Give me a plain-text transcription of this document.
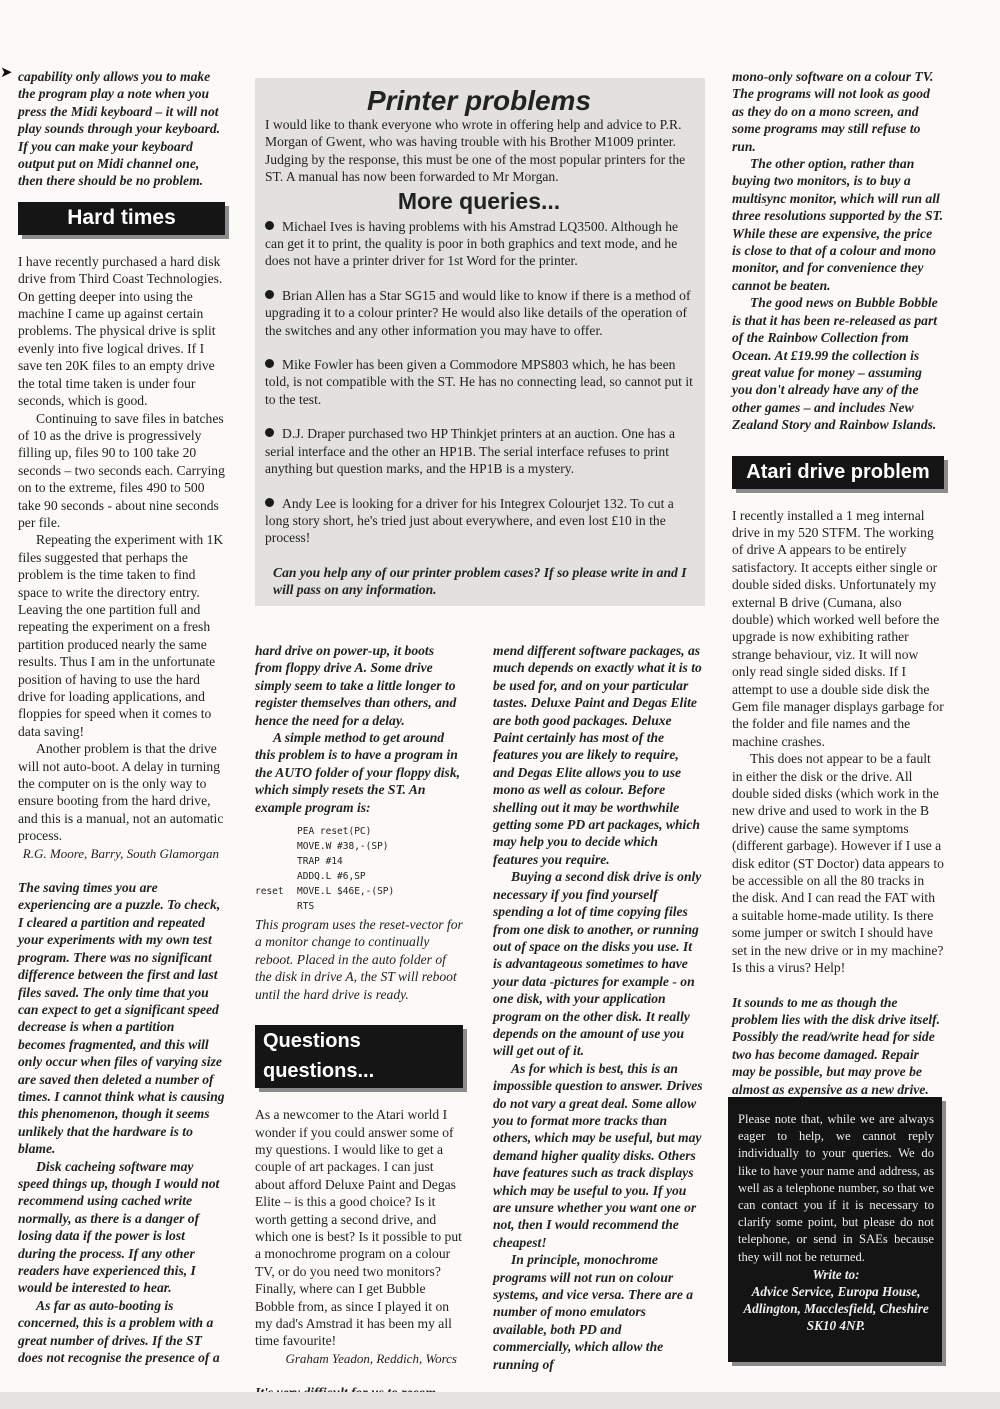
➤ capability only allows you to make the program play a note when you press the Midi keyboard – it will not play sounds through your keyboard. If you can make your keyboard output put on Midi channel one, then there should be no problem.

Hard times

I have recently purchased a hard disk drive from Third Coast Technologies. On getting deeper into using the machine I came up against certain problems. The physical drive is split evenly into five logical drives. If I save ten 20K files to an empty drive the total time taken is under four seconds, which is good.

Continuing to save files in batches of 10 as the drive is progressively filling up, files 90 to 100 take 20 seconds – two seconds each. Carrying on to the extreme, files 490 to 500 take 90 seconds - about nine seconds per file.

Repeating the experiment with 1K files suggested that perhaps the problem is the time taken to find space to write the directory entry. Leaving the one partition full and repeating the experiment on a fresh partition produced nearly the same results. Thus I am in the unfortunate position of having to use the hard drive for loading applications, and floppies for speed when it comes to data saving!

Another problem is that the drive will not auto-boot. A delay in turning the computer on is the only way to ensure booting from the hard drive, and this is a manual, not an automatic process.

R.G. Moore, Barry, South Glamorgan

The saving times you are experiencing are a puzzle. To check, I cleared a partition and repeated your experiments with my own test program. There was no significant difference between the first and last files saved. The only time that you can expect to get a significant speed decrease is when a partition becomes fragmented, and this will only occur when files of varying size are saved then deleted a number of times. I cannot think what is causing this phenomenon, though it seems unlikely that the hardware is to blame.

Disk cacheing software may speed things up, though I would not recommend using cached write normally, as there is a danger of losing data if the power is lost during the process. If any other readers have experienced this, I would be interested to hear.

As far as auto-booting is concerned, this is a problem with a great number of drives. If the ST does not recognise the presence of a

Printer problems

I would like to thank everyone who wrote in offering help and advice to P.R. Morgan of Gwent, who was having trouble with his Brother M1009 printer. Judging by the response, this must be one of the most popular printers for the ST. A manual has now been forwarded to Mr Morgan.

More queries...

Michael Ives is having problems with his Amstrad LQ3500. Although he can get it to print, the quality is poor in both graphics and text mode, and he does not have a printer driver for 1st Word for the printer.

Brian Allen has a Star SG15 and would like to know if there is a method of upgrading it to a colour printer? He would also like details of the operation of the switches and any other information you may have to offer.

Mike Fowler has been given a Commodore MPS803 which, he has been told, is not compatible with the ST. He has no connecting lead, so cannot put it to the test.

D.J. Draper purchased two HP Thinkjet printers at an auction. One has a serial interface and the other an HP1B. The serial interface refuses to print anything but question marks, and the HP1B is a mystery.

Andy Lee is looking for a driver for his Integrex Colourjet 132. To cut a long story short, he's tried just about everywhere, and even lost £10 in the process!

Can you help any of our printer problem cases? If so please write in and I will pass on any information.

hard drive on power-up, it boots from floppy drive A. Some drive simply seem to take a little longer to register themselves than others, and hence the need for a delay.

A simple method to get around this problem is to have a program in the AUTO folder of your floppy disk, which simply resets the ST. An example program is:

PEA reset(PC)
MOVE.W #38,-(SP)
TRAP #14
ADDQ.L #6,SP
reset	MOVE.L $46E,-(SP)
RTS

This program uses the reset-vector for a monitor change to continually reboot. Placed in the auto folder of the disk in drive A, the ST will reboot until the hard drive is ready.

Questions questions...

As a newcomer to the Atari world I wonder if you could answer some of my questions. I would like to get a couple of art packages. I can just about afford Deluxe Paint and Degas Elite – is this a good choice? Is it worth getting a second drive, and which one is best? Is it possible to put a monochrome program on a colour TV, or do you need two monitors? Finally, where can I get Bubble Bobble from, as since I played it on my dad's Amstrad it has been my all time favourite!

Graham Yeadon, Reddich, Worcs

mend different software packages, as much depends on exactly what it is to be used for, and on your particular tastes. Deluxe Paint and Degas Elite are both good packages. Deluxe Paint certainly has most of the features you are likely to require, and Degas Elite allows you to use mono as well as colour. Before shelling out it may be worthwhile getting some PD art packages, which may help you to decide which features you require.

Buying a second disk drive is only necessary if you find yourself spending a lot of time copying files from one disk to another, or running out of space on the disks you use. It is advantageous sometimes to have your data -pictures for example - on one disk, with your application program on the other disk. It really depends on the amount of use you will get out of it.

As for which is best, this is an impossible question to answer. Drives do not vary a great deal. Some allow you to format more tracks than others, which may be useful, but may demand higher quality disks. Others have features such as track displays which may be useful to you. If you are unsure whether you want one or not, then I would recommend the cheapest!

In principle, monochrome programs will not run on colour systems, and vice versa. There are a number of mono emulators available, both PD and commercially, which allow the running of

mono-only software on a colour TV. The programs will not look as good as they do on a mono screen, and some programs may still refuse to run.

The other option, rather than buying two monitors, is to buy a multisync monitor, which will run all three resolutions supported by the ST. While these are expensive, the price is close to that of a colour and mono monitor, and for convenience they cannot be beaten.

The good news on Bubble Bobble is that it has been re-released as part of the Rainbow Collection from Ocean. At £19.99 the collection is great value for money – assuming you don't already have any of the other games – and includes New Zealand Story and Rainbow Islands.

Atari drive problem

I recently installed a 1 meg internal drive in my 520 STFM. The working of drive A appears to be entirely satisfactory. It accepts either single or double sided disks. Unfortunately my external B drive (Cumana, also double) which worked well before the upgrade is now exhibiting rather strange behaviour, viz. It will now only read single sided disks. If I attempt to use a double side disk the Gem file manager displays garbage for the folder and file names and the machine crashes.

This does not appear to be a fault in either the disk or the drive. All double sided disks (which work in the new drive and used to work in the B drive) cause the same symptoms (different garbage). However if I use a disk editor (ST Doctor) data appears to be accessible on all the 80 tracks in the disk. And I can read the FAT with a suitable home-made utility. Is there some jumper or switch I should have set in the new drive or in my machine? Is this a virus? Help!

It sounds to me as though the problem lies with the disk drive itself. Possibly the read/write head for side two has become damaged. Repair may be possible, but may prove be almost as expensive as a new drive.

Please note that, while we are always eager to help, we cannot reply individually to your queries. We do like to have your name and address, as well as a telephone number, so that we can contact you if it is necessary to clarify some point, but please do not telephone, or send in SAEs because they will not be returned.

Write to:

Advice Service, Europa House, Adlington, Macclesfield, Cheshire SK10 4NP.
